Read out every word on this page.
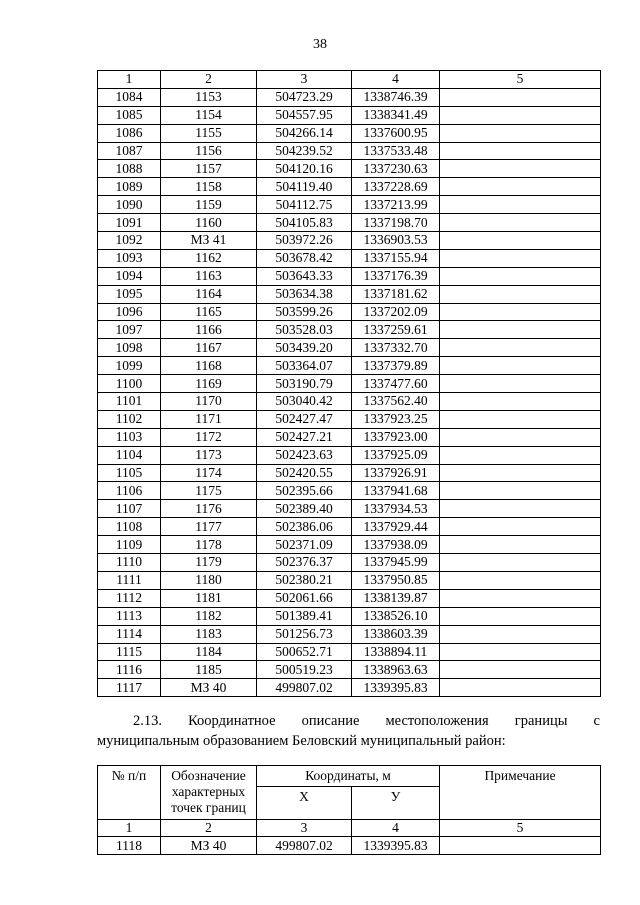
38
1	2	3	4	5
1084	1153	504723.29	1338746.39	
1085	1154	504557.95	1338341.49	
1086	1155	504266.14	1337600.95	
1087	1156	504239.52	1337533.48	
1088	1157	504120.16	1337230.63	
1089	1158	504119.40	1337228.69	
1090	1159	504112.75	1337213.99	
1091	1160	504105.83	1337198.70	
1092	МЗ 41	503972.26	1336903.53	
1093	1162	503678.42	1337155.94	
1094	1163	503643.33	1337176.39	
1095	1164	503634.38	1337181.62	
1096	1165	503599.26	1337202.09	
1097	1166	503528.03	1337259.61	
1098	1167	503439.20	1337332.70	
1099	1168	503364.07	1337379.89	
1100	1169	503190.79	1337477.60	
1101	1170	503040.42	1337562.40	
1102	1171	502427.47	1337923.25	
1103	1172	502427.21	1337923.00	
1104	1173	502423.63	1337925.09	
1105	1174	502420.55	1337926.91	
1106	1175	502395.66	1337941.68	
1107	1176	502389.40	1337934.53	
1108	1177	502386.06	1337929.44	
1109	1178	502371.09	1337938.09	
1110	1179	502376.37	1337945.99	
1111	1180	502380.21	1337950.85	
1112	1181	502061.66	1338139.87	
1113	1182	501389.41	1338526.10	
1114	1183	501256.73	1338603.39	
1115	1184	500652.71	1338894.11	
1116	1185	500519.23	1338963.63	
1117	МЗ 40	499807.02	1339395.83	
2.13. Координатное описание местоположения границы с
муниципальным образованием Беловский муниципальный район:
№ п/п	Обозначение характерных точек границ	Координаты, м		Примечание
		X	У	
1	2	3	4	5
1118	МЗ 40	499807.02	1339395.83	
